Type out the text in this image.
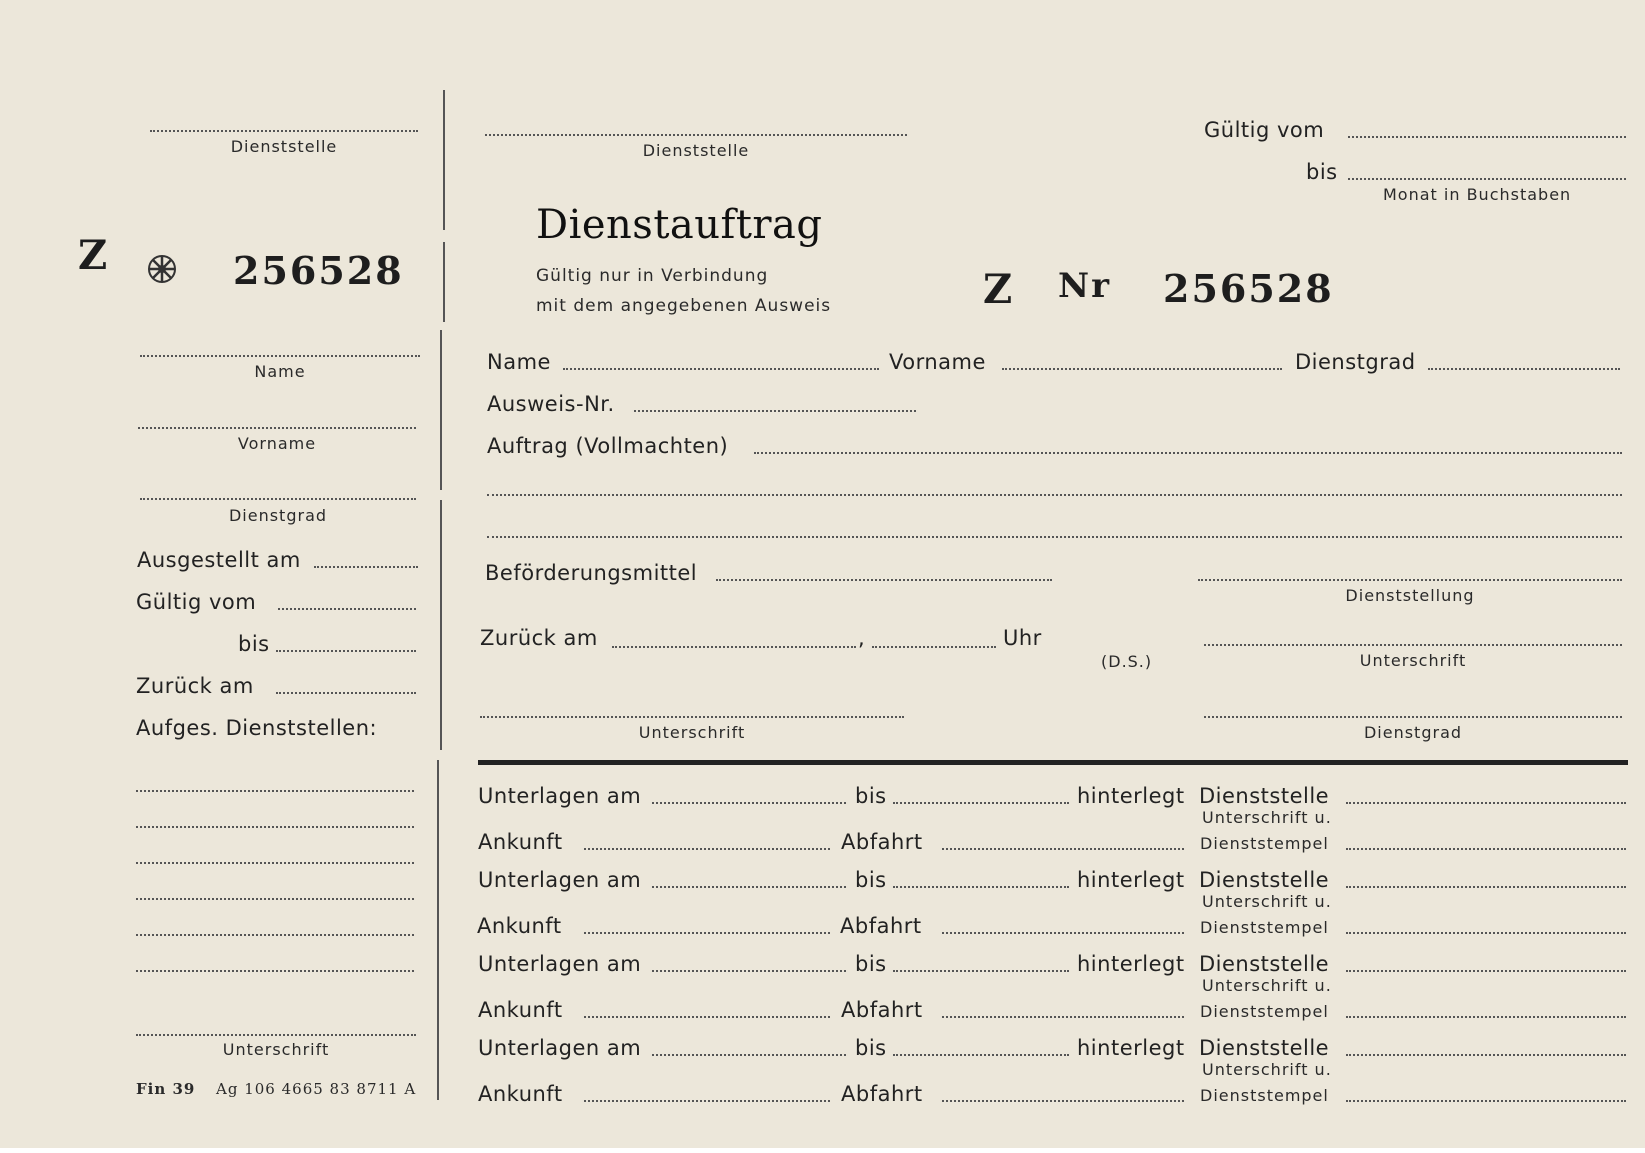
Dienststelle
Z	256528
Name
Vorname
Dienstgrad
Ausgestellt am
Gültig vom
bis
Zurück am
Aufges. Dienststellen:
Unterschrift
Fin 39 Ag 106 4665 83 8711 A
Dienststelle
Gültig vom
bis
Monat in Buchstaben
Dienstauftrag
Gültig nur in Verbindung
mit dem angegebenen Ausweis	Z Nr 256528
Name	Vorname	Dienstgrad
Ausweis-Nr.
Auftrag (Vollmachten)
Beförderungsmittel
Dienststellung
Zurück am	,	Uhr
(D.S.)	Unterschrift
Unterschrift	Dienstgrad
Unterlagen am	bis	hinterlegt Dienststelle
Unterschrift u.
Ankunft	Abfahrt	Dienststempel
Unterlagen am	bis	hinterlegt Dienststelle
Unterschrift u.
Ankunft	Abfahrt	Dienststempel
Unterlagen am	bis	hinterlegt Dienststelle
Unterschrift u.
Ankunft	Abfahrt	Dienststempel
Unterlagen am	bis	hinterlegt Dienststelle
Unterschrift u.
Ankunft	Abfahrt	Dienststempel
